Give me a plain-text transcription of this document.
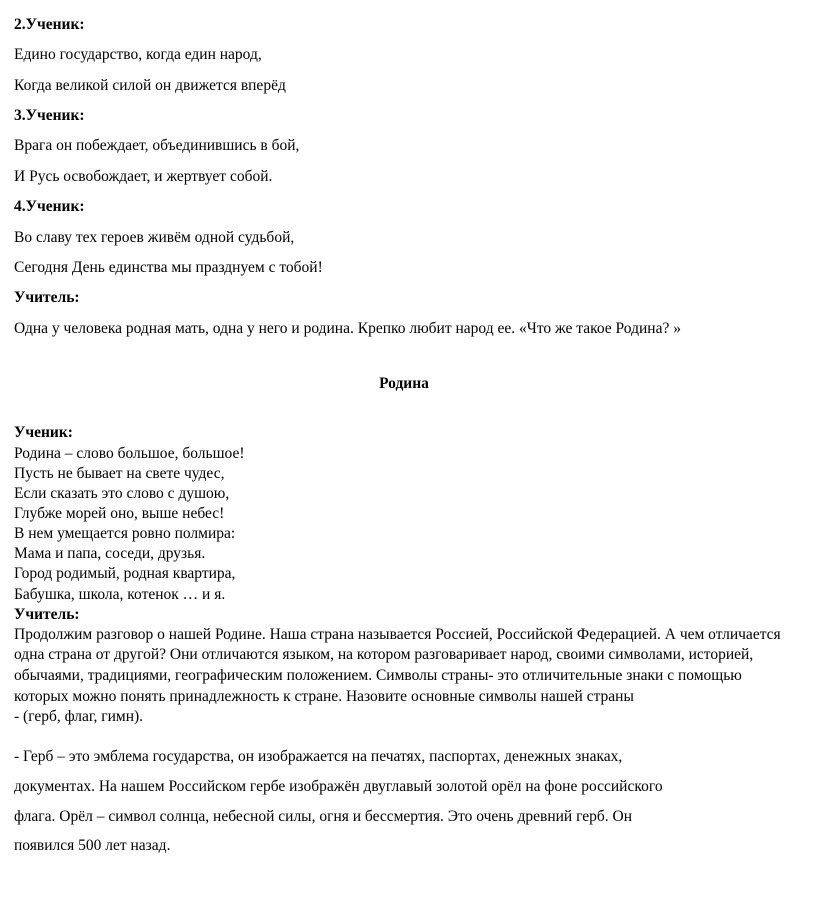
2.Ученик:

Едино государство, когда един народ,

Когда великой силой он движется вперёд

3.Ученик:

Врага он побеждает, объединившись в бой,

И Русь освобождает, и жертвует собой.

4.Ученик:

Во славу тех героев живём одной судьбой,

Сегодня День единства мы празднуем с тобой!

Учитель:

Одна у человека родная мать, одна у него и родина. Крепко любит народ ее. «Что же такое Родина? »

Родина

Ученик:

Родина – слово большое, большое!

Пусть не бывает на свете чудес,

Если сказать это слово с душою,

Глубже морей оно, выше небес!

В нем умещается ровно полмира:

Мама и папа, соседи, друзья.

Город родимый, родная квартира,

Бабушка, школа, котенок … и я.

Учитель:

Продолжим разговор о нашей Родине. Наша страна называется Россией, Российской Федерацией. А чем отличается одна страна от другой? Они отличаются языком, на котором разговаривает народ, своими символами, историей, обычаями, традициями, географическим положением. Символы страны- это отличительные знаки с помощью которых можно понять принадлежность к стране. Назовите основные символы нашей страны

- (герб, флаг, гимн).

- Герб – это эмблема государства, он изображается на печатях, паспортах, денежных знаках,

документах. На нашем Российском гербе изображён двуглавый золотой орёл на фоне российского

флага. Орёл – символ солнца, небесной силы, огня и бессмертия. Это очень древний герб. Он

появился 500 лет назад.
